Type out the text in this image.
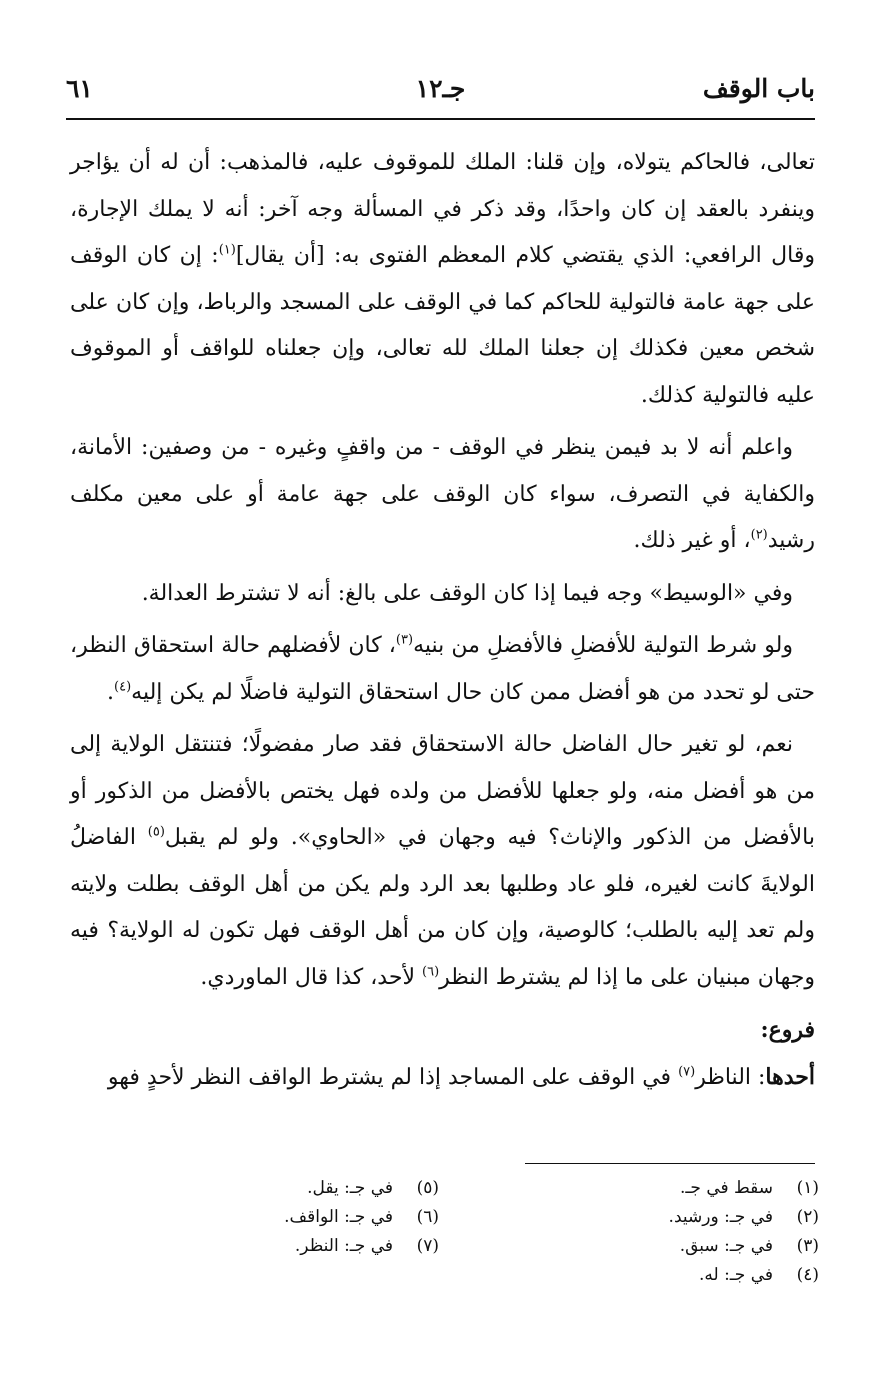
باب الوقف
جـ١٢
٦١

تعالى، فالحاكم يتولاه، وإن قلنا: الملك للموقوف عليه، فالمذهب: أن له أن يؤاجر وينفرد بالعقد إن كان واحدًا، وقد ذكر في المسألة وجه آخر: أنه لا يملك الإجارة، وقال الرافعي: الذي يقتضي كلام المعظم الفتوى به: [أن يقال]$^{(١)}$: إن كان الوقف على جهة عامة فالتولية للحاكم كما في الوقف على المسجد والرباط، وإن كان على شخص معين فكذلك إن جعلنا الملك لله تعالى، وإن جعلناه للواقف أو الموقوف عليه فالتولية كذلك.

واعلم أنه لا بد فيمن ينظر في الوقف - من واقفٍ وغيره - من وصفين: الأمانة، والكفاية في التصرف، سواء كان الوقف على جهة عامة أو على معين مكلف رشيد$^{(٢)}$، أو غير ذلك.

وفي «الوسيط» وجه فيما إذا كان الوقف على بالغ: أنه لا تشترط العدالة.

ولو شرط التولية للأفضلِ فالأفضلِ من بنيه$^{(٣)}$، كان لأفضلهم حالة استحقاق النظر، حتى لو تحدد من هو أفضل ممن كان حال استحقاق التولية فاضلًا لم يكن إليه$^{(٤)}$.

نعم، لو تغير حال الفاضل حالة الاستحقاق فقد صار مفضولًا؛ فتنتقل الولاية إلى من هو أفضل منه، ولو جعلها للأفضل من ولده فهل يختص بالأفضل من الذكور أو بالأفضل من الذكور والإناث؟ فيه وجهان في «الحاوي». ولو لم يقبل$^{(٥)}$ الفاضلُ الولايةَ كانت لغيره، فلو عاد وطلبها بعد الرد ولم يكن من أهل الوقف بطلت ولايته ولم تعد إليه بالطلب؛ كالوصية، وإن كان من أهل الوقف فهل تكون له الولاية؟ فيه وجهان مبنيان على ما إذا لم يشترط النظر$^{(٦)}$ لأحد، كذا قال الماوردي.

فروع:

أحدها: الناظر$^{(٧)}$ في الوقف على المساجد إذا لم يشترط الواقف النظر لأحدٍ فهو

(١)سقط في جـ.
(٢)في جـ: ورشيد.
(٣)في جـ: سبق.
(٤)في جـ: له.
(٥)في جـ: يقل.
(٦)في جـ: الواقف.
(٧)في جـ: النظر.
